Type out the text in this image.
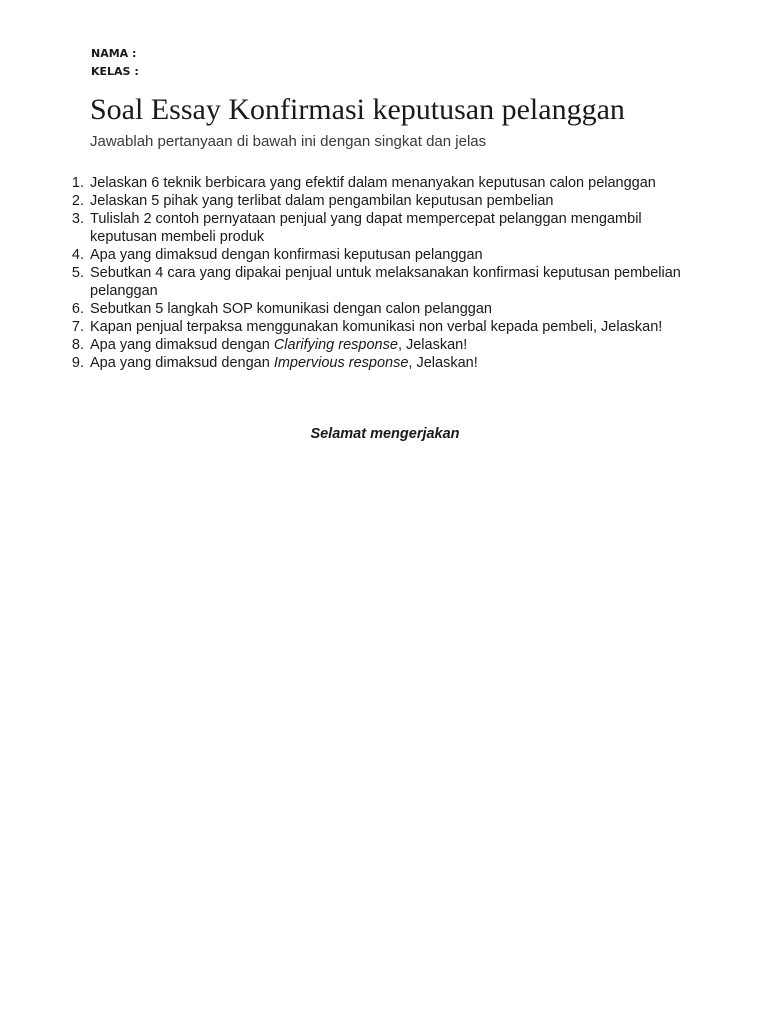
NAMA :
KELAS :
Soal Essay Konfirmasi keputusan pelanggan
Jawablah pertanyaan di bawah ini dengan singkat dan jelas
1. Jelaskan 6 teknik berbicara yang efektif dalam menanyakan keputusan calon pelanggan
2. Jelaskan 5 pihak yang terlibat dalam pengambilan keputusan pembelian
3. Tulislah 2 contoh pernyataan penjual yang dapat mempercepat pelanggan mengambil keputusan membeli produk
4. Apa yang dimaksud dengan konfirmasi keputusan pelanggan
5. Sebutkan 4 cara yang dipakai penjual untuk melaksanakan konfirmasi keputusan pembelian pelanggan
6. Sebutkan 5 langkah SOP komunikasi dengan calon pelanggan
7. Kapan penjual terpaksa menggunakan komunikasi non verbal kepada pembeli, Jelaskan!
8. Apa yang dimaksud dengan Clarifying response, Jelaskan!
9. Apa yang dimaksud dengan Impervious response, Jelaskan!
Selamat mengerjakan
